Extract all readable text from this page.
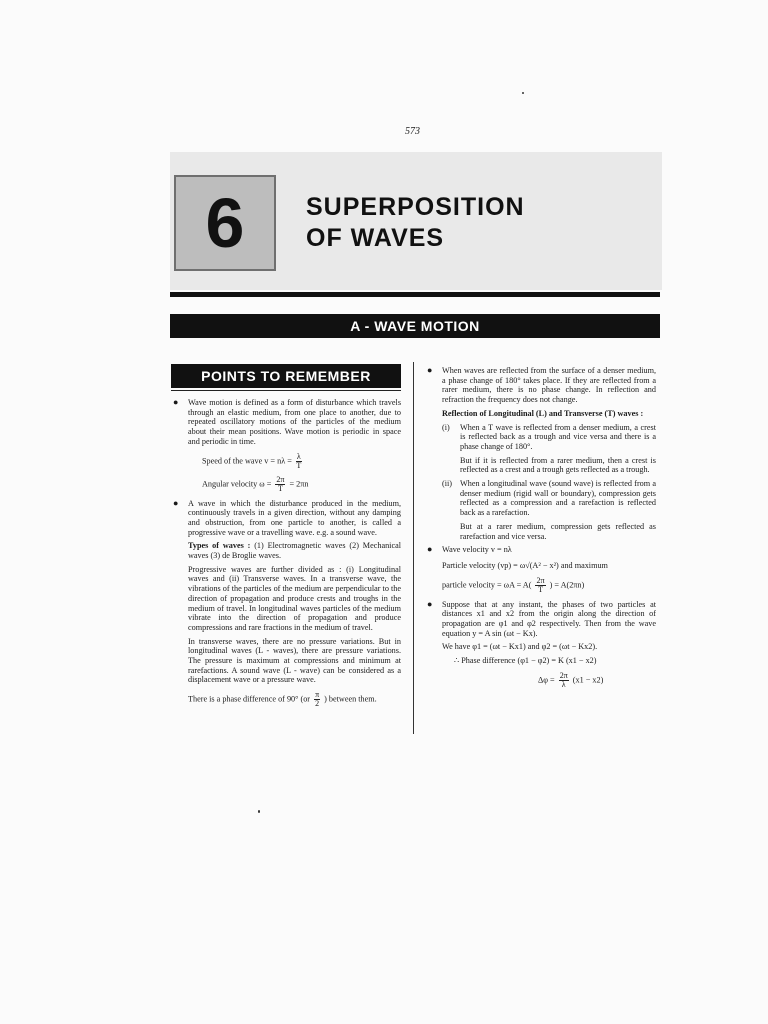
573
6	SUPERPOSITION
OF WAVES
A - WAVE MOTION
POINTS TO REMEMBER
● Wave motion is defined as a form of disturbance which travels through an elastic medium, from one place to another, due to repeated oscillatory motions of the particles of the medium about their mean positions. Wave motion is periodic in space and periodic in time.

Speed of the wave $v = n\lambda = \frac{\lambda}{T}$
Angular velocity $\omega = \frac{2\pi}{T} = 2\pi n$
● A wave in which the disturbance produced in the medium, continuously travels in a given direction, without any damping and obstruction, from one particle to another, is called a progressive wave or a travelling wave. e.g. a sound wave.

Types of waves : (1) Electromagnetic waves (2) Mechanical waves (3) de Broglie waves.

Progressive waves are further divided as : (i) Longitudinal waves and (ii) Transverse waves. In a transverse wave, the vibrations of the particles of the medium are perpendicular to the direction of propagation and produce crests and troughs in the medium of travel. In longitudinal waves particles of the medium vibrate into the direction of propagation and produce compressions and rare fractions in the medium of travel.

In transverse waves, there are no pressure variations. But in longitudinal waves (L - waves), there are pressure variations. The pressure is maximum at compressions and minimum at rarefactions. A sound wave (L - wave) can be considered as a displacement wave or a pressure wave.

There is a phase difference of 90° ($or \frac{\pi}{2}$ ) between them.
● When waves are reflected from the surface of a denser medium, a phase change of 180° takes place. If they are reflected from a rarer medium, there is no phase change. In reflection and refraction the frequency does not change.

Reflection of Longitudinal (L) and Transverse (T) waves :

(i) When a T wave is reflected from a denser medium, a crest is reflected back as a trough and vice versa and there is a phase change of 180°.

But if it is reflected from a rarer medium, then a crest is reflected as a crest and a trough gets reflected as a trough.

(ii) When a longitudinal wave (sound wave) is reflected from a denser medium (rigid wall or boundary), compression gets reflected as a compression and a rarefaction is reflected back as a rarefaction.

But at a rarer medium, compression gets reflected as rarefaction and vice versa.

● Wave velocity v = nλ

Particle velocity (vp) = ω√(A² − x²) and maximum

particle velocity = $\omega A = A( \frac{2\pi}{T}$ ) = A(2πn)
● Suppose that at any instant, the phases of two particles at distances x1 and x2 from the origin along the direction of propagation are φ1 and φ2 respectively. Then from the wave equation y = A sin (ωt − Kx).

We have φ1 = (ωt − Kx1) and φ2 = (ωt − Kx2).

∴ Phase difference (φ1 − φ2) = K (x1 − x2)

$\Delta\varphi = \frac{2\pi}{\lambda} (x1 - x2)$
